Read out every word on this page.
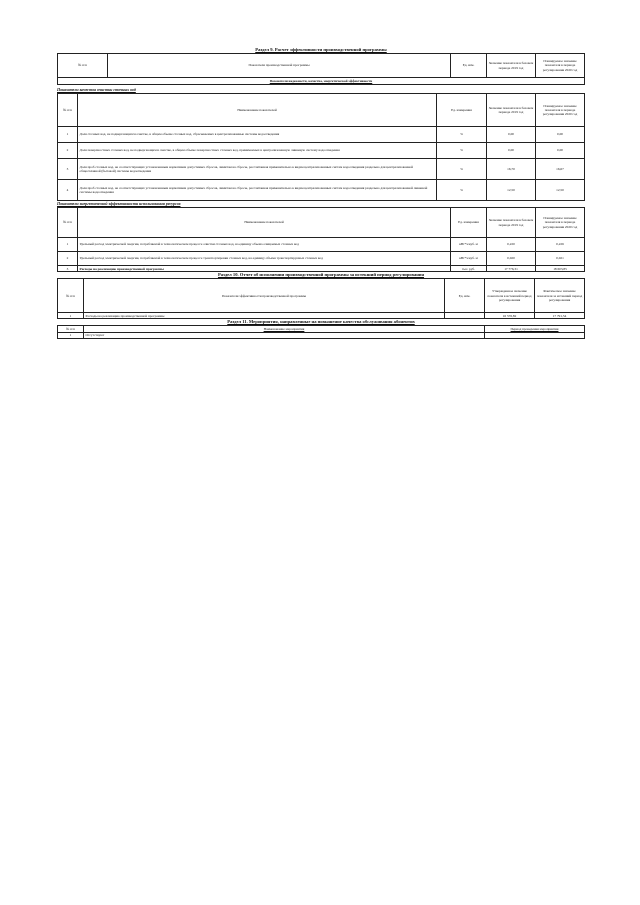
Раздел 9. Расчет эффективности производственной программы
№ п/п	Показатели производственной программы	Ед. изм.	Значение показателя в базовом периоде 2019 год	Планируемое значение показателя в периоде регулирования 2020 год
Показатели надежности, качества, энергетической эффективности
Показатели качества очистки сточных вод
№ п/п	Наименование показателей	Ед. измерения	Значение показателя в базовом периоде 2019 год	Планируемое значение показателя в периоде регулирования 2020 год
1	Доля сточных вод, не подвергающихся очистке, в общем объеме сточных вод, сбрасываемых в централизованные системы водоотведения	%	0,00	0,00
2	Доля поверхностных сточных вод, не подвергающихся очистке, в общем объеме поверхностных сточных вод, принимаемых в централизованную ливневую систему водоотведения	%	0,00	0,00
3	Доля проб сточных вод, не соответствующих установленным нормативам допустимых сбросов, лимитам на сбросы, рассчитанная применительно к видам централизованных систем водоотведения раздельно для централизованной общесплавной (бытовой) системы водоотведения	%	16,70	16,67
4	Доля проб сточных вод, не соответствующих установленным нормативам допустимых сбросов, лимитам на сбросы, рассчитанная применительно к видам централизованных систем водоотведения раздельно для централизованной ливневой системы водоотведения	%	12,50	12,50
Показатели энергетической эффективности использования ресурсов
№ п/п	Наименование показателей	Ед. измерения	Значение показателя в базовом периоде 2019 год	Планируемое значение показателя в периоде регулирования 2020 год
1	Удельный расход электрической энергии, потребляемой в технологическом процессе очистки сточных вод, на единицу объема очищаемых сточных вод	кВт*ч/куб. м	0,220	0,226
2	Удельный расход электрической энергии, потребляемой в технологическом процессе транспортировки сточных вод, на единицу объема транспортируемых сточных вод	кВт*ч/куб. м	0,020	0,021
3	Расходы на реализацию производственной программы	тыс. руб.	17 776,31	18 603,85
Раздел 10. Отчет об исполнении производственной программы за истекший период регулирования
№ п/п	Показатели эффективности производственной программы	Ед. изм.	Утвержденное значение показателя в истекший период регулирования	Фактическое значение показателя за истекший период регулирования
1	Расходы на реализацию производственной программы		16 576,82	17 791,54
Раздел 11. Мероприятия, направленные на повышение качества обслуживания абонентов
№ п/п	Наименование мероприятия	Период проведения мероприятия
1	Отсутствуют	
